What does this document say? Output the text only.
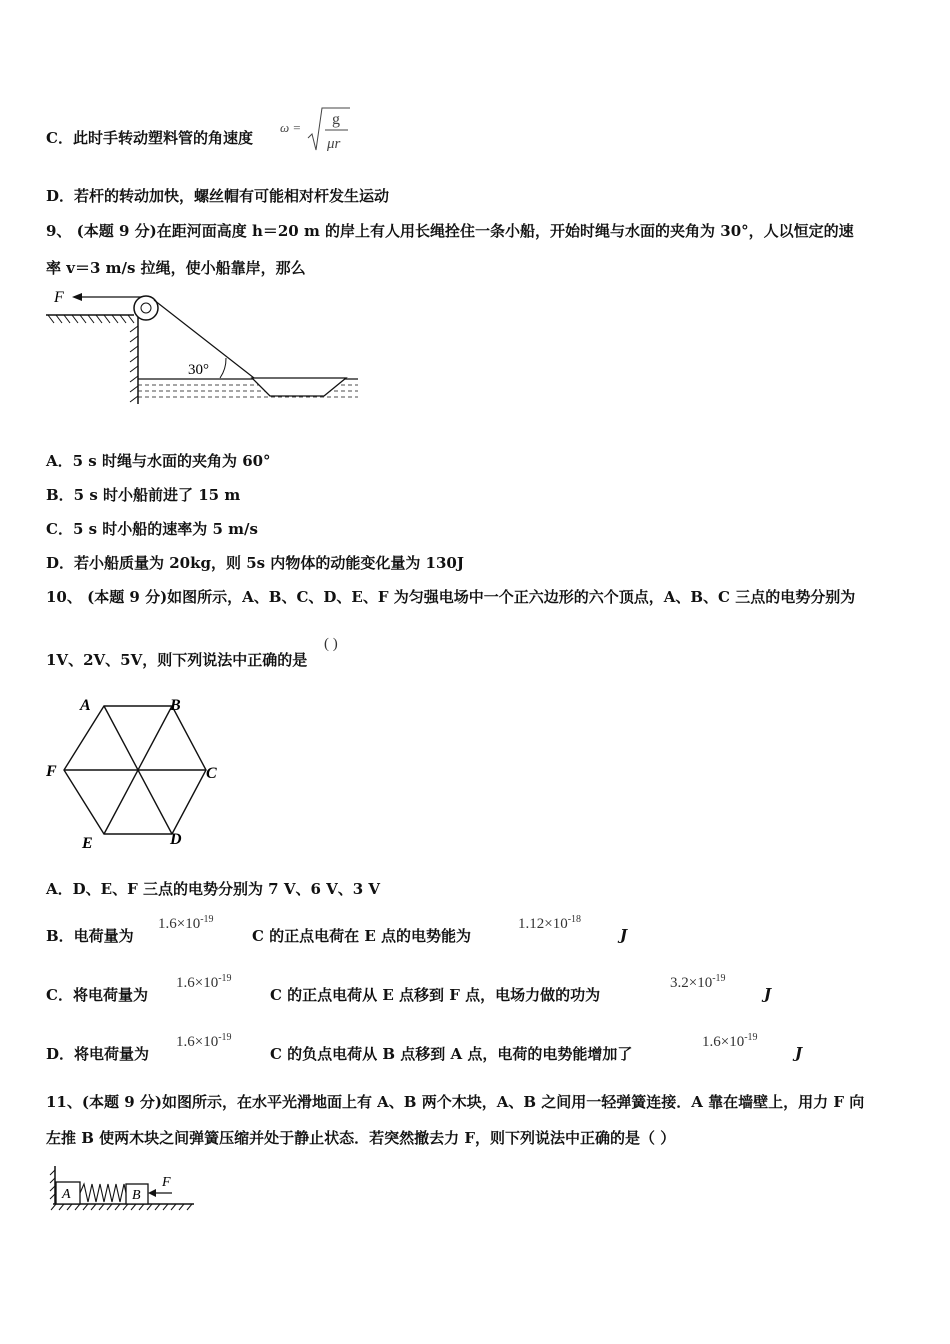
C．此时手转动塑料管的角速度
ω = g
μr
D．若杆的转动加快，螺丝帽有可能相对杆发生运动
9、 (本题 9 分)在距河面高度 h＝20 m 的岸上有人用长绳拴住一条小船，开始时绳与水面的夹角为 30°，人以恒定的速
率 v＝3 m/s 拉绳，使小船靠岸，那么
F
30°
A．5 s 时绳与水面的夹角为 60°
B．5 s 时小船前进了 15 m
C．5 s 时小船的速率为 5 m/s
D．若小船质量为 20kg，则 5s 内物体的动能变化量为 130J
10、 (本题 9 分)如图所示，A、B、C、D、E、F 为匀强电场中一个正六边形的六个顶点，A、B、C 三点的电势分别为
1V、2V、5V，则下列说法中正确的是
( )
A	B
C
D
E
F
A．D、E、F 三点的电势分别为 7 V、6 V、3 V
B．电荷量为
$1.6\times 10^{-19}$
C 的正点电荷在 E 点的电势能为
$1.12\times 10^{-18}$
J
C．将电荷量为
$1.6\times 10^{-19}$
C 的正点电荷从 E 点移到 F 点，电场力做的功为
$3.2\times 10^{-19}$
J
D．将电荷量为
$1.6\times 10^{-19}$
C 的负点电荷从 B 点移到 A 点，电荷的电势能增加了
$1.6\times 10^{-19}$
J
11、(本题 9 分)如图所示，在水平光滑地面上有 A、B 两个木块，A、B 之间用一轻弹簧连接．A 靠在墙壁上，用力 F 向
左推 B 使两木块之间弹簧压缩并处于静止状态．若突然撤去力 F，则下列说法中正确的是（ ）
A	B
F
